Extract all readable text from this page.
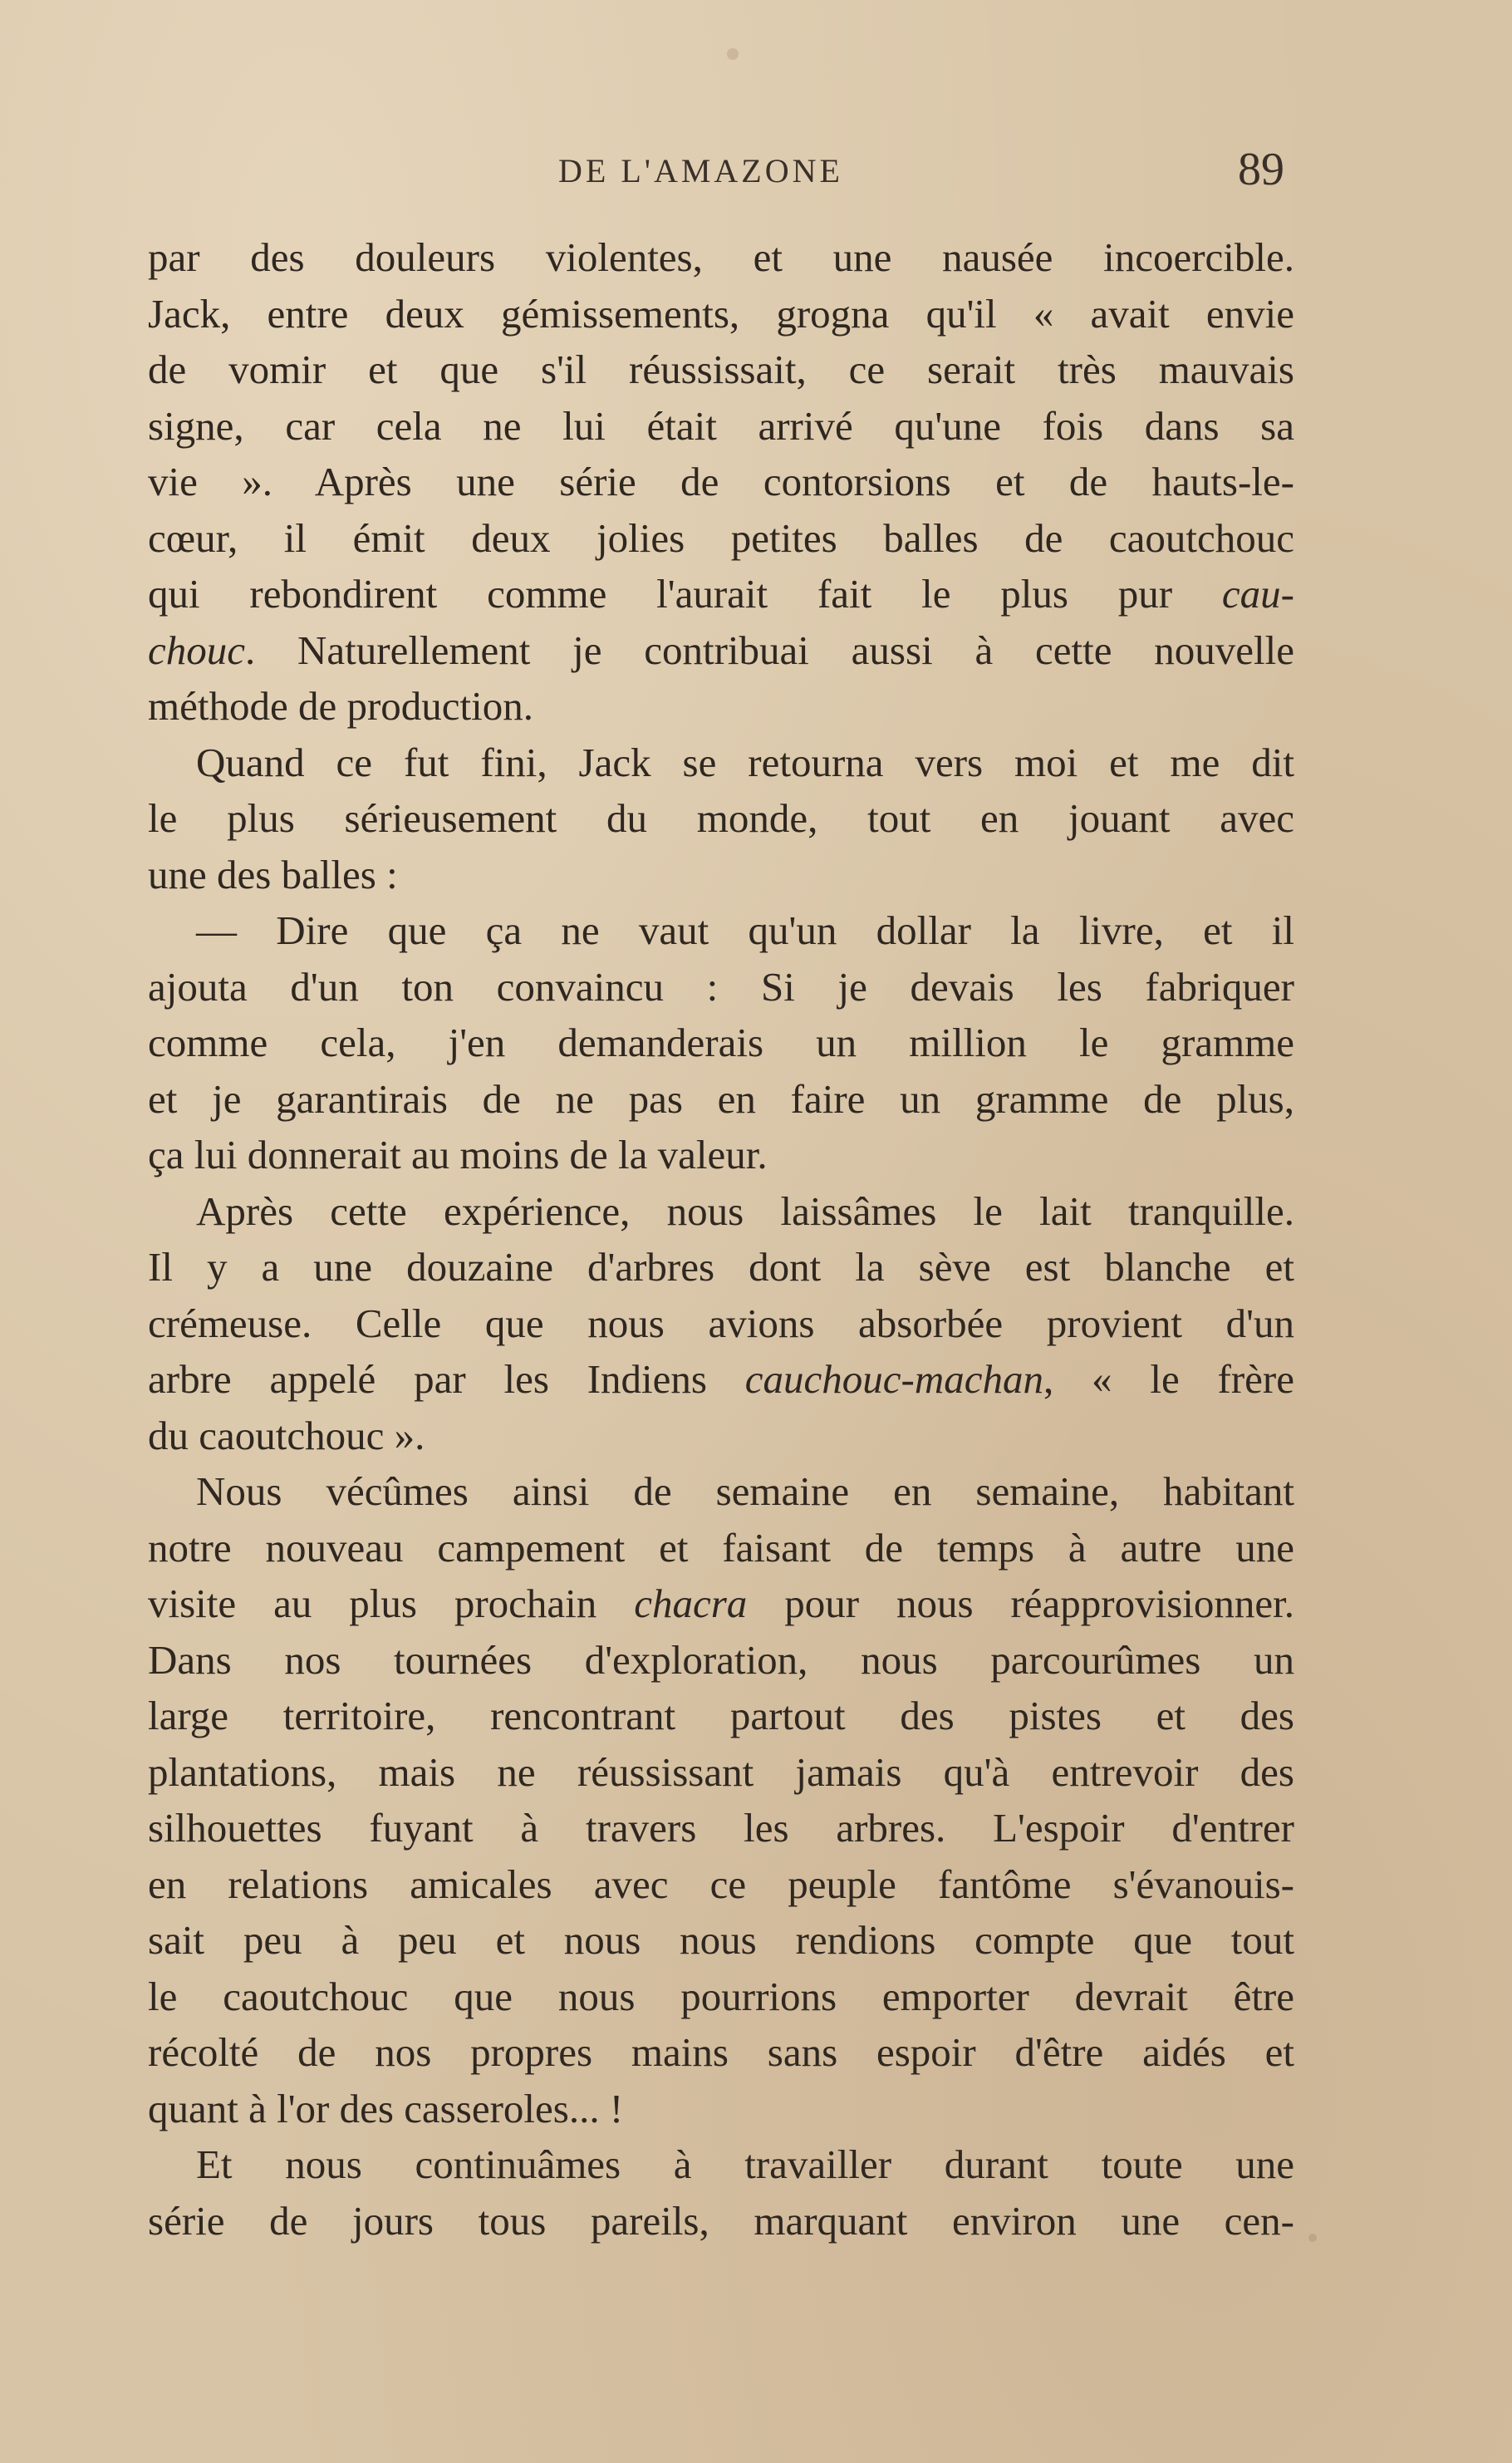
DE L'AMAZONE	89
par des douleurs violentes, et une nausée incoercible.
Jack, entre deux gémissements, grogna qu'il « avait envie
de vomir et que s'il réussissait, ce serait très mauvais
signe, car cela ne lui était arrivé qu'une fois dans sa
vie ». Après une série de contorsions et de hauts-le-
cœur, il émit deux jolies petites balles de caoutchouc
qui rebondirent comme l'aurait fait le plus pur cau-
chouc. Naturellement je contribuai aussi à cette nouvelle
méthode de production.
Quand ce fut fini, Jack se retourna vers moi et me dit
le plus sérieusement du monde, tout en jouant avec
une des balles :
— Dire que ça ne vaut qu'un dollar la livre, et il
ajouta d'un ton convaincu : Si je devais les fabriquer
comme cela, j'en demanderais un million le gramme
et je garantirais de ne pas en faire un gramme de plus,
ça lui donnerait au moins de la valeur.
Après cette expérience, nous laissâmes le lait tranquille.
Il y a une douzaine d'arbres dont la sève est blanche et
crémeuse. Celle que nous avions absorbée provient d'un
arbre appelé par les Indiens cauchouc-machan, « le frère
du caoutchouc ».
Nous vécûmes ainsi de semaine en semaine, habitant
notre nouveau campement et faisant de temps à autre une
visite au plus prochain chacra pour nous réapprovisionner.
Dans nos tournées d'exploration, nous parcourûmes un
large territoire, rencontrant partout des pistes et des
plantations, mais ne réussissant jamais qu'à entrevoir des
silhouettes fuyant à travers les arbres. L'espoir d'entrer
en relations amicales avec ce peuple fantôme s'évanouis-
sait peu à peu et nous nous rendions compte que tout
le caoutchouc que nous pourrions emporter devrait être
récolté de nos propres mains sans espoir d'être aidés et
quant à l'or des casseroles... !
Et nous continuâmes à travailler durant toute une
série de jours tous pareils, marquant environ une cen-
